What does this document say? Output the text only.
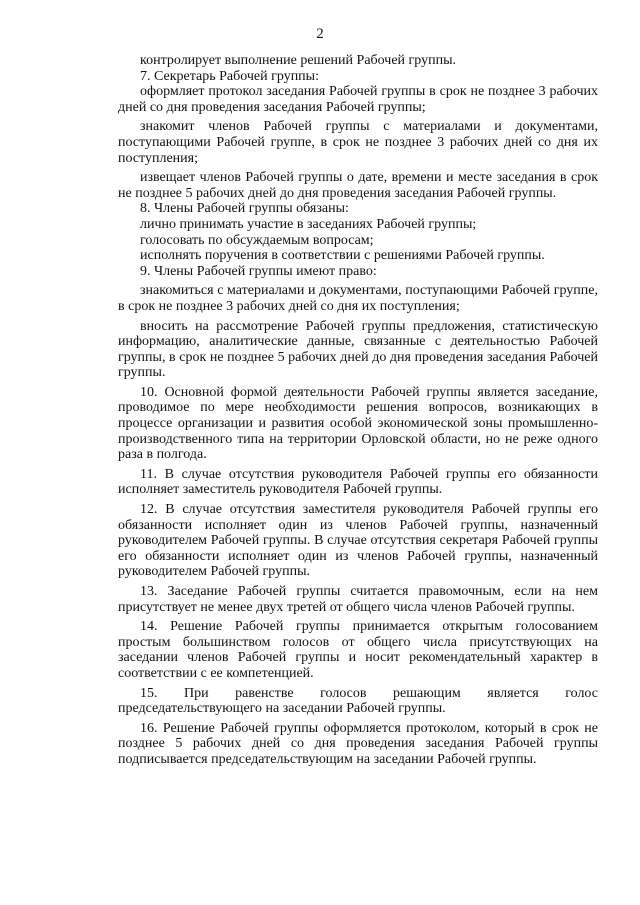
2

контролирует выполнение решений Рабочей группы.

7. Секретарь Рабочей группы:

оформляет протокол заседания Рабочей группы в срок не позднее 3 рабочих дней со дня проведения заседания Рабочей группы;

знакомит членов Рабочей группы с материалами и документами, поступающими Рабочей группе, в срок не позднее 3 рабочих дней со дня их поступления;

извещает членов Рабочей группы о дате, времени и месте заседания в срок не позднее 5 рабочих дней до дня проведения заседания Рабочей группы.

8. Члены Рабочей группы обязаны:

лично принимать участие в заседаниях Рабочей группы;

голосовать по обсуждаемым вопросам;

исполнять поручения в соответствии с решениями Рабочей группы.

9. Члены Рабочей группы имеют право:

знакомиться с материалами и документами, поступающими Рабочей группе, в срок не позднее 3 рабочих дней со дня их поступления;

вносить на рассмотрение Рабочей группы предложения, статистическую информацию, аналитические данные, связанные с деятельностью Рабочей группы, в срок не позднее 5 рабочих дней до дня проведения заседания Рабочей группы.

10. Основной формой деятельности Рабочей группы является заседание, проводимое по мере необходимости решения вопросов, возникающих в процессе организации и развития особой экономической зоны промышленно-производственного типа на территории Орловской области, но не реже одного раза в полгода.

11. В случае отсутствия руководителя Рабочей группы его обязанности исполняет заместитель руководителя Рабочей группы.

12. В случае отсутствия заместителя руководителя Рабочей группы его обязанности исполняет один из членов Рабочей группы, назначенный руководителем Рабочей группы. В случае отсутствия секретаря Рабочей группы его обязанности исполняет один из членов Рабочей группы, назначенный руководителем Рабочей группы.

13. Заседание Рабочей группы считается правомочным, если на нем присутствует не менее двух третей от общего числа членов Рабочей группы.

14. Решение Рабочей группы принимается открытым голосованием простым большинством голосов от общего числа присутствующих на заседании членов Рабочей группы и носит рекомендательный характер в соответствии с ее компетенцией.

15. При равенстве голосов решающим является голос председательствующего на заседании Рабочей группы.

16. Решение Рабочей группы оформляется протоколом, который в срок не позднее 5 рабочих дней со дня проведения заседания Рабочей группы подписывается председательствующим на заседании Рабочей группы.
